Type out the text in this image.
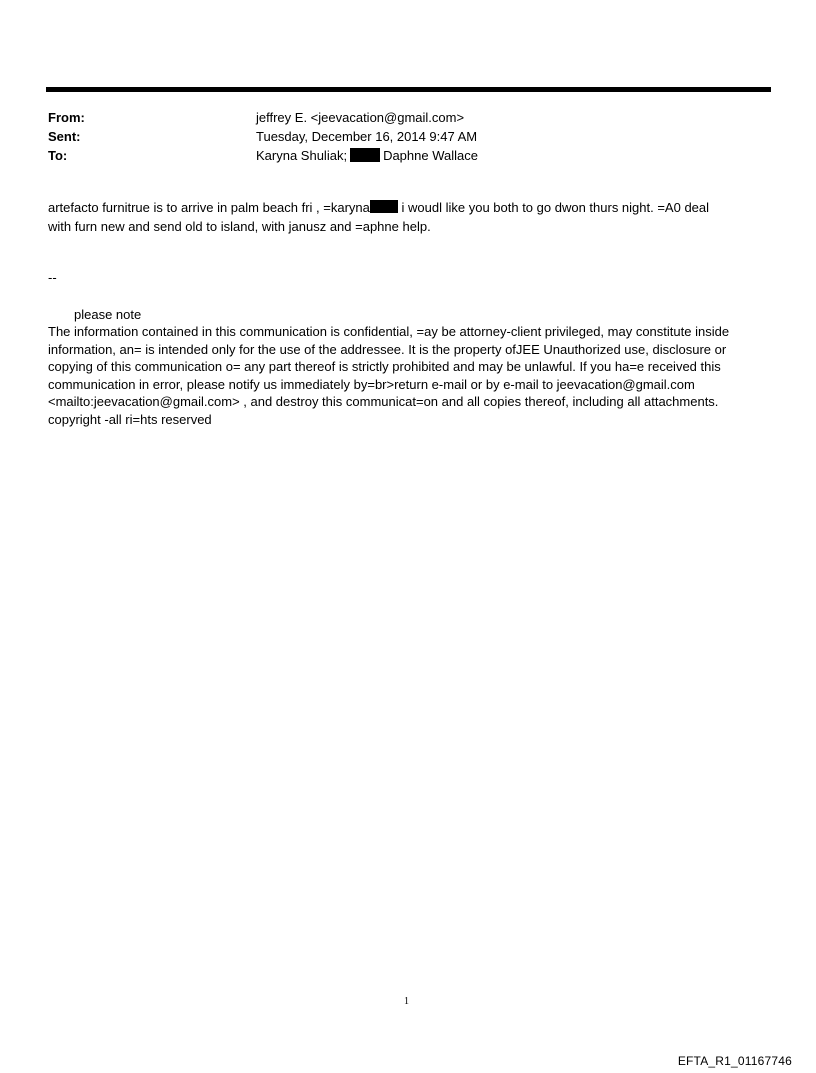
From:	jeffrey E. <jeevacation@gmail.com>
Sent:	Tuesday, December 16, 2014 9:47 AM
To:	Karyna Shuliak;	Daphne Wallace
artefacto furnitrue is to arrive in palm beach fri , =karyna i woudl like you both to go dwon thurs night. =A0 deal
with furn new and send old to island, with janusz and =aphne help.
--
please note
The information contained in this communication is confidential, =ay be attorney-client privileged, may constitute inside
information, an= is intended only for the use of the addressee. It is the property ofJEE Unauthorized use, disclosure or
copying of this communication o= any part thereof is strictly prohibited and may be unlawful. If you ha=e received this
communication in error, please notify us immediately by=br>return e-mail or by e-mail to jeevacation@gmail.com
<mailto:jeevacation@gmail.com> , and destroy this communicat=on and all copies thereof, including all attachments.
copyright -all ri=hts reserved
1
EFTA_R1_01167746
